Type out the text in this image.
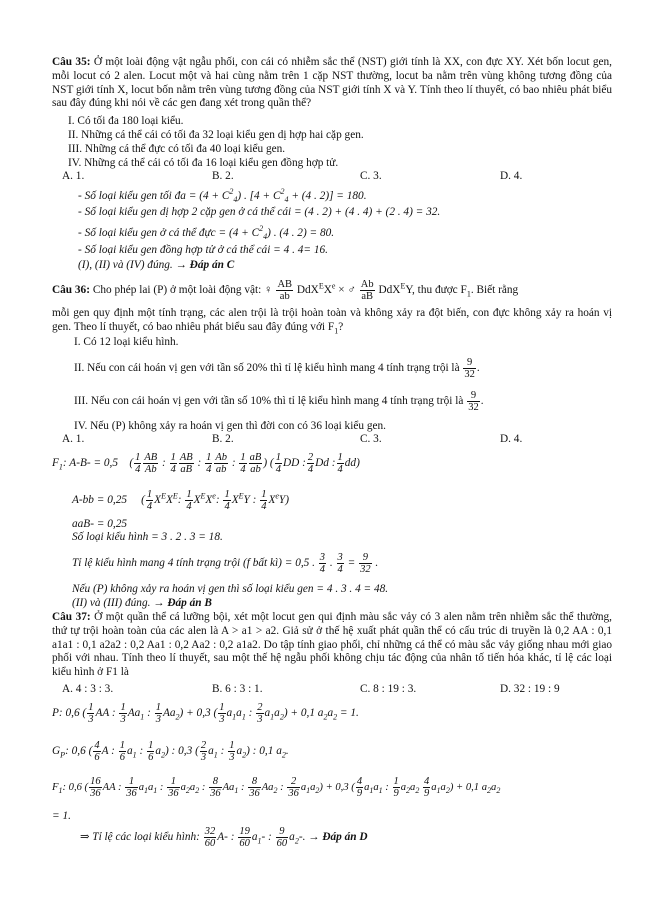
Câu 35: Ở một loài động vật ngẫu phối, con cái có nhiễm sắc thể (NST) giới tính là XX, con đực XY. Xét bốn locut gen, mỗi locut có 2 alen. Locut một và hai cùng nằm trên 1 cặp NST thường, locut ba nằm trên vùng không tương đồng của NST giới tính X, locut bốn nằm trên vùng tương đồng của NST giới tính X và Y. Tính theo lí thuyết, có bao nhiêu phát biểu sau đây đúng khi nói về các gen đang xét trong quần thể?
I. Có tối đa 180 loại kiểu.
II. Những cá thể cái có tối đa 32 loại kiểu gen dị hợp hai cặp gen.
III. Những cá thể đực có tối đa 40 loại kiểu gen.
IV. Những cá thể cái có tối đa 16 loại kiểu gen đồng hợp tử.
A. 1.	B. 2.	C. 3.	D. 4.
- Số loại kiểu gen tối đa = $(4 + C^2_4)$ . [$4 + C^2_4 + (4$ . 2)] = 180.
- Số loại kiểu gen dị hợp 2 cặp gen ở cá thể cái = (4 . 2) + (4 . 4) + (2 . 4) = 32.
- Số loại kiểu gen ở cá thể đực = $(4 + C^2_4)$ . (4 . 2) = 80.
- Số loại kiểu gen đồng hợp tử ở cá thể cái = 4 . 4= 16.
(I), (II) và (IV) đúng. → Đáp án C
Câu 36: Cho phép lai (P) ở một loài động vật: ♀ $\frac{AB}{ab} DdX^EX^e$ × ♂ $\frac{Ab}{aB} DdX^EY$, thu được $F_1$. Biết rằng
mỗi gen quy định một tính trạng, các alen trội là trội hoàn toàn và không xảy ra đột biến, con đực không xảy ra hoán vị gen. Theo lí thuyết, có bao nhiêu phát biểu sau đây đúng với $F_1$?
I. Có 12 loại kiểu hình.
II. Nếu con cái hoán vị gen với tần số 20% thì tỉ lệ kiểu hình mang 4 tính trạng trội là $\frac{9}{32}$ .
III. Nếu con cái hoán vị gen với tần số 10% thì tỉ lệ kiểu hình mang 4 tính trạng trội là $\frac{9}{32}$ .
IV. Nếu (P) không xảy ra hoán vị gen thì đời con có 36 loại kiểu gen.
A. 1.	B. 2.	C. 3.	D. 4.
$F_1$: A-B- = 0,5    ( $\frac{1}{4} \frac{AB}{Ab}$ : $\frac{1}{4} \frac{AB}{aB}$ : $\frac{1}{4} \frac{Ab}{ab}$ : $\frac{1}{4} \frac{aB}{ab}$ ) ( $\frac{1}{4}$ DD : $\frac{2}{4}$ Dd : $\frac{1}{4} dd$)
A-bb = 0,25     ( $\frac{1}{4} X^EX^E$: $\frac{1}{4} X^EXe$: $\frac{1}{4} X^EY$ : $\frac{1}{4} XeY$)
aaB- = 0,25
Số loại kiểu hình = 3 . 2 . 3 = 18.
Tỉ lệ kiểu hình mang 4 tính trạng trội (f bất kì) = 0,5 . $\frac{3}{4}$ . $\frac{3}{4} = \frac{9}{32}$ .
Nếu (P) không xảy ra hoán vị gen thì số loại kiểu gen = 4 . 3 . 4 = 48.
(II) và (III) đúng. → Đáp án B
Câu 37: Ở một quần thể cá lưỡng bội, xét một locut gen qui định màu sắc vảy có 3 alen nằm trên nhiễm sắc thể thường, thứ tự trội hoàn toàn của các alen là A > a1 > a2. Giả sử ở thế hệ xuất phát quần thể có cấu trúc di truyền là 0,2 AA : 0,1 a1a1 : 0,1 a2a2 : 0,2 Aa1 : 0,2 Aa2 : 0,2 a1a2. Do tập tính giao phối, chỉ những cá thể có màu sắc vảy giống nhau mới giao phối với nhau. Tính theo lí thuyết, sau một thế hệ ngẫu phối không chịu tác động của nhân tố tiến hóa khác, tỉ lệ các loại kiểu hình ở F1 là
A. 4 : 3 : 3.	B. 6 : 3 : 1.	C. 8 : 19 : 3.	D. 32 : 19 : 9
P: 0,6 ( $\frac{1}{3}$ AA : $\frac{1}{3} Aa_1$ : $\frac{1}{3} Aa_2) + 0,3$ ( $\frac{1}{3} a_1a_1$ : $\frac{2}{3} a_1a_2) + 0,1$ $a_2a_2 = 1$.
$G_P$: 0,6 ( $\frac{4}{6}$ A : $\frac{1}{6} a_1$ : $\frac{1}{6} a_2$) : 0,3 ( $\frac{2}{3} a_1$ : $\frac{1}{3} a_2$) : 0,1 $a_2$.
$F_1$: 0,6 ( $\frac{16}{36}$ AA : $\frac{1}{36} a_1a_1$ : $\frac{1}{36} a_2a_2$ : $\frac{8}{36} Aa_1$ : $\frac{8}{36} Aa_2$ : $\frac{2}{36} a_1a_2) + 0,3$ ( $\frac{4}{9} a_1a_1$ : $\frac{1}{9} a_2a_2 \frac{4}{9} a_1a_2) + 0,1$ $a_2a_2$
= 1.
⇒ Tỉ lệ các loại kiểu hình: $\frac{32}{60} A-$ : $\frac{19}{60} a_1-$ : $\frac{9}{60} a_2-$. → Đáp án D
